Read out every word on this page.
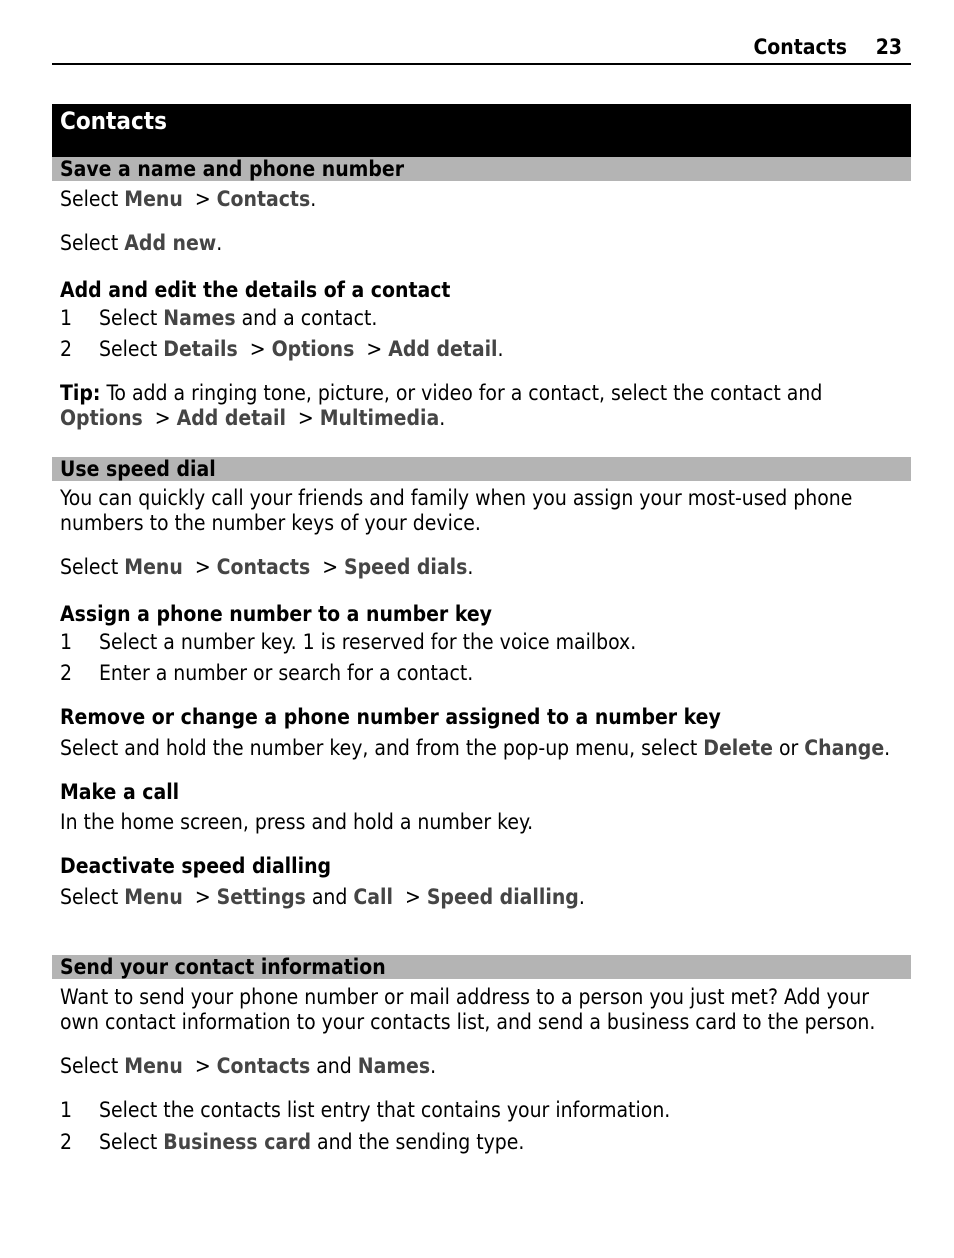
Contacts 23
Contacts
Save a name and phone number
Select Menu  > Contacts.
Select Add new.
Add and edit the details of a contact
1 Select Names and a contact.
2 Select Details  > Options  > Add detail.
Tip: To add a ringing tone, picture, or video for a contact, select the contact and
Options  > Add detail  > Multimedia.
Use speed dial
You can quickly call your friends and family when you assign your most-used phone
numbers to the number keys of your device.
Select Menu  > Contacts  > Speed dials.
Assign a phone number to a number key
1 Select a number key. 1 is reserved for the voice mailbox.
2 Enter a number or search for a contact.
Remove or change a phone number assigned to a number key
Select and hold the number key, and from the pop-up menu, select Delete or Change.
Make a call
In the home screen, press and hold a number key.
Deactivate speed dialling
Select Menu  > Settings and Call  > Speed dialling.
Send your contact information
Want to send your phone number or mail address to a person you just met? Add your
own contact information to your contacts list, and send a business card to the person.
Select Menu  > Contacts and Names.
1 Select the contacts list entry that contains your information.
2 Select Business card and the sending type.
